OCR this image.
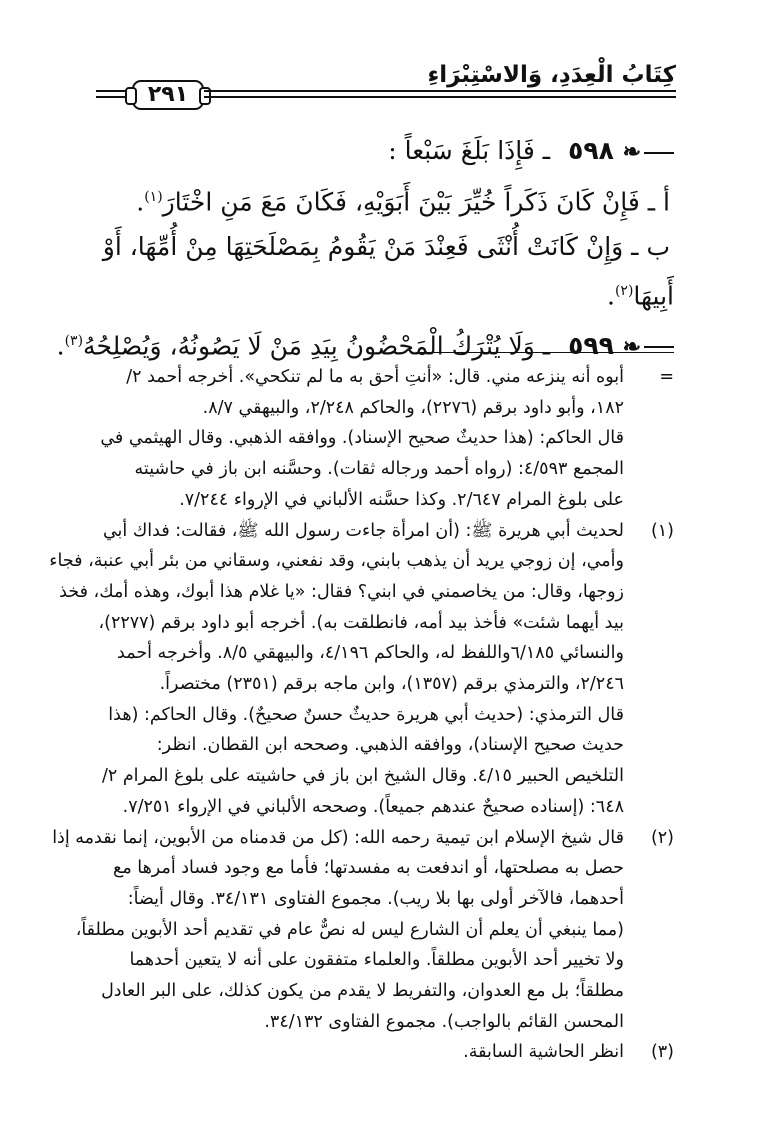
كِتَابُ الْعِدَدِ، وَالاسْتِبْرَاءِ
٢٩١
❧ ٥٩٨ ـ فَإِذَا بَلَغَ سَبْعاً :
أ ـ فَإِنْ كَانَ ذَكَراً خُيِّرَ بَيْنَ أَبَوَيْهِ، فَكَانَ مَعَ مَنِ اخْتَارَ$^{(١)}$.
ب ـ وَإِنْ كَانَتْ أُنْثَى فَعِنْدَ مَنْ يَقُومُ بِمَصْلَحَتِهَا مِنْ أُمِّهَا، أَوْ
أَبِيهَا$^{(٢)}$.
❧ ٥٩٩ ـ وَلَا يُتْرَكُ الْمَحْضُونُ بِيَدِ مَنْ لَا يَصُونُهُ، وَيُصْلِحُهُ$^{(٣)}$.
=
أبوه أنه ينزعه مني. قال: «أنتِ أحق به ما لم تنكحي». أخرجه أحمد ٢/
١٨٢، وأبو داود برقم (٢٢٧٦)، والحاكم ٢/٢٤٨، والبيهقي ٨/٧.
قال الحاكم: (هذا حديثٌ صحيح الإسناد). ووافقه الذهبي. وقال الهيثمي في
المجمع ٤/٥٩٣: (رواه أحمد ورجاله ثقات). وحسَّنه ابن باز في حاشيته
على بلوغ المرام ٢/٦٤٧. وكذا حسَّنه الألباني في الإرواء ٧/٢٤٤.
(١)
لحديث أبي هريرة ﷺ: (أن امرأة جاءت رسول الله ﷺ، فقالت: فداك أبي
وأمي، إن زوجي يريد أن يذهب بابني، وقد نفعني، وسقاني من بئر أبي عنبة، فجاء
زوجها، وقال: من يخاصمني في ابني؟ فقال: «يا غلام هذا أبوك، وهذه أمك، فخذ
بيد أيهما شئت» فأخذ بيد أمه، فانطلقت به). أخرجه أبو داود برقم (٢٢٧٧)،
والنسائي ٦/١٨٥واللفظ له، والحاكم ٤/١٩٦، والبيهقي ٨/٥. وأخرجه أحمد
٢/٢٤٦، والترمذي برقم (١٣٥٧)، وابن ماجه برقم (٢٣٥١) مختصراً.
قال الترمذي: (حديث أبي هريرة حديثٌ حسنٌ صحيحٌ). وقال الحاكم: (هذا
حديث صحيح الإسناد)، ووافقه الذهبي. وصححه ابن القطان. انظر:
التلخيص الحبير ٤/١٥. وقال الشيخ ابن باز في حاشيته على بلوغ المرام ٢/
٦٤٨: (إسناده صحيحٌ عندهم جميعاً). وصححه الألباني في الإرواء ٧/٢٥١.
(٢)
قال شيخ الإسلام ابن تيمية رحمه الله: (كل من قدمناه من الأبوين، إنما نقدمه إذا
حصل به مصلحتها، أو اندفعت به مفسدتها؛ فأما مع وجود فساد أمرها مع
أحدهما، فالآخر أولى بها بلا ريب). مجموع الفتاوى ٣٤/١٣١. وقال أيضاً:
(مما ينبغي أن يعلم أن الشارع ليس له نصٌّ عام في تقديم أحد الأبوين مطلقاً،
ولا تخيير أحد الأبوين مطلقاً. والعلماء متفقون على أنه لا يتعين أحدهما
مطلقاً؛ بل مع العدوان، والتفريط لا يقدم من يكون كذلك، على البر العادل
المحسن القائم بالواجب). مجموع الفتاوى ٣٤/١٣٢.
(٣)
انظر الحاشية السابقة.
